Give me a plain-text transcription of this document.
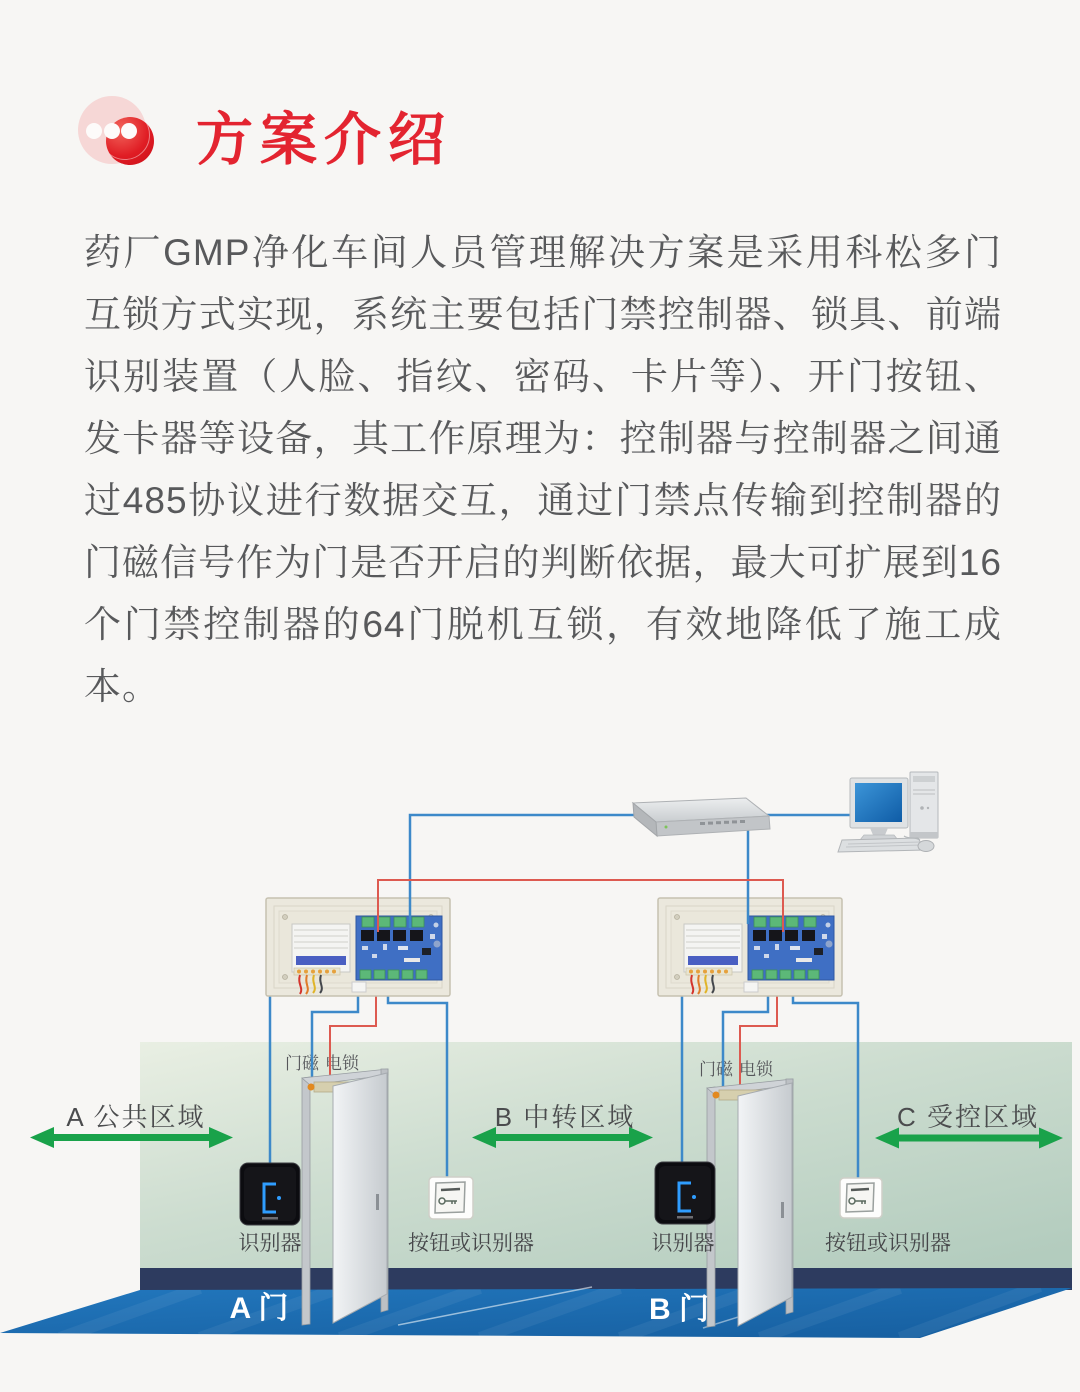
方案介绍
药厂GMP净化车间人员管理解决方案是采用科松多门互锁方式实现，系统主要包括门禁控制器、锁具、前端识别装置（人脸、指纹、密码、卡片等）、开门按钮、发卡器等设备，其工作原理为：控制器与控制器之间通过485协议进行数据交互，通过门禁点传输到控制器的门磁信号作为门是否开启的判断依据，最大可扩展到16个门禁控制器的64门脱机互锁，有效地降低了施工成本。
A 公共区域	B 中转区域	C 受控区域
门磁 电锁	门磁 电锁
识别器	识别器
按钮或识别器	按钮或识别器
A 门	B 门
